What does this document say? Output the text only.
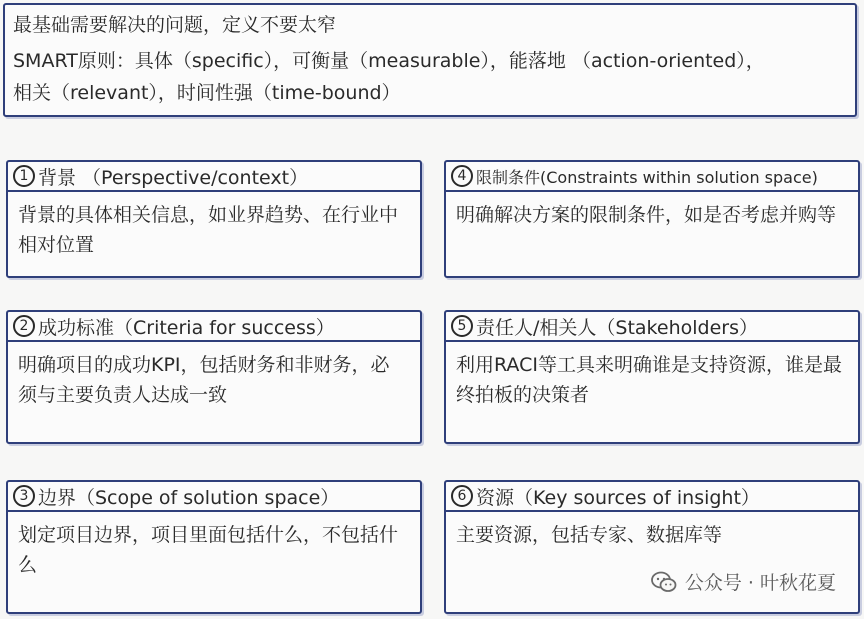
最基础需要解决的问题，定义不要太窄
SMART原则：具体（specific），可衡量（measurable），能落地 （action-oriented），
相关（relevant），时间性强（time-bound）
1 背景 （Perspective/context）
背景的具体相关信息，如业界趋势、在行业中相对位置
4 限制条件(Constraints within solution space)
明确解决方案的限制条件，如是否考虑并购等
2 成功标准（Criteria for success）
明确项目的成功KPI，包括财务和非财务，必须与主要负责人达成一致
5 责任人/相关人（Stakeholders）
利用RACI等工具来明确谁是支持资源，谁是最终拍板的决策者
3 边界（Scope of solution space）
划定项目边界，项目里面包括什么，不包括什么
6 资源（Key sources of insight）
主要资源，包括专家、数据库等
公众号 · 叶秋花夏
